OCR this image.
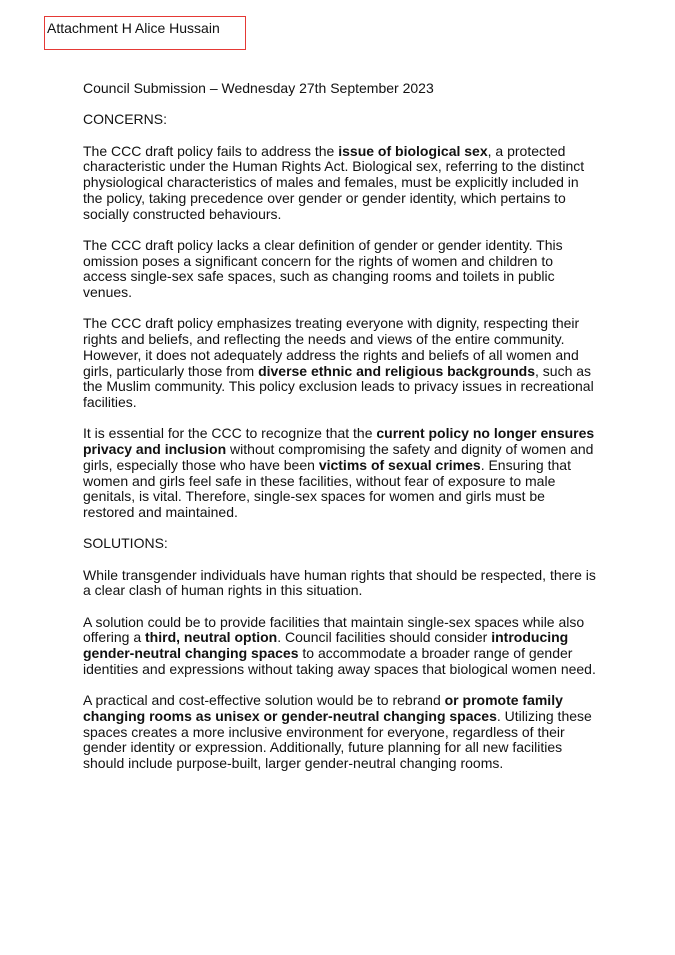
Attachment H Alice Hussain

Council Submission – Wednesday 27th September 2023

CONCERNS:

The CCC draft policy fails to address the issue of biological sex, a protected characteristic under the Human Rights Act. Biological sex, referring to the distinct physiological characteristics of males and females, must be explicitly included in the policy, taking precedence over gender or gender identity, which pertains to socially constructed behaviours.

The CCC draft policy lacks a clear definition of gender or gender identity. This omission poses a significant concern for the rights of women and children to access single-sex safe spaces, such as changing rooms and toilets in public venues.

The CCC draft policy emphasizes treating everyone with dignity, respecting their rights and beliefs, and reflecting the needs and views of the entire community. However, it does not adequately address the rights and beliefs of all women and girls, particularly those from diverse ethnic and religious backgrounds, such as the Muslim community. This policy exclusion leads to privacy issues in recreational facilities.

It is essential for the CCC to recognize that the current policy no longer ensures privacy and inclusion without compromising the safety and dignity of women and girls, especially those who have been victims of sexual crimes. Ensuring that women and girls feel safe in these facilities, without fear of exposure to male genitals, is vital. Therefore, single-sex spaces for women and girls must be restored and maintained.

SOLUTIONS:

While transgender individuals have human rights that should be respected, there is a clear clash of human rights in this situation.

A solution could be to provide facilities that maintain single-sex spaces while also offering a third, neutral option. Council facilities should consider introducing gender-neutral changing spaces to accommodate a broader range of gender identities and expressions without taking away spaces that biological women need.

A practical and cost-effective solution would be to rebrand or promote family changing rooms as unisex or gender-neutral changing spaces. Utilizing these spaces creates a more inclusive environment for everyone, regardless of their gender identity or expression. Additionally, future planning for all new facilities should include purpose-built, larger gender-neutral changing rooms.
